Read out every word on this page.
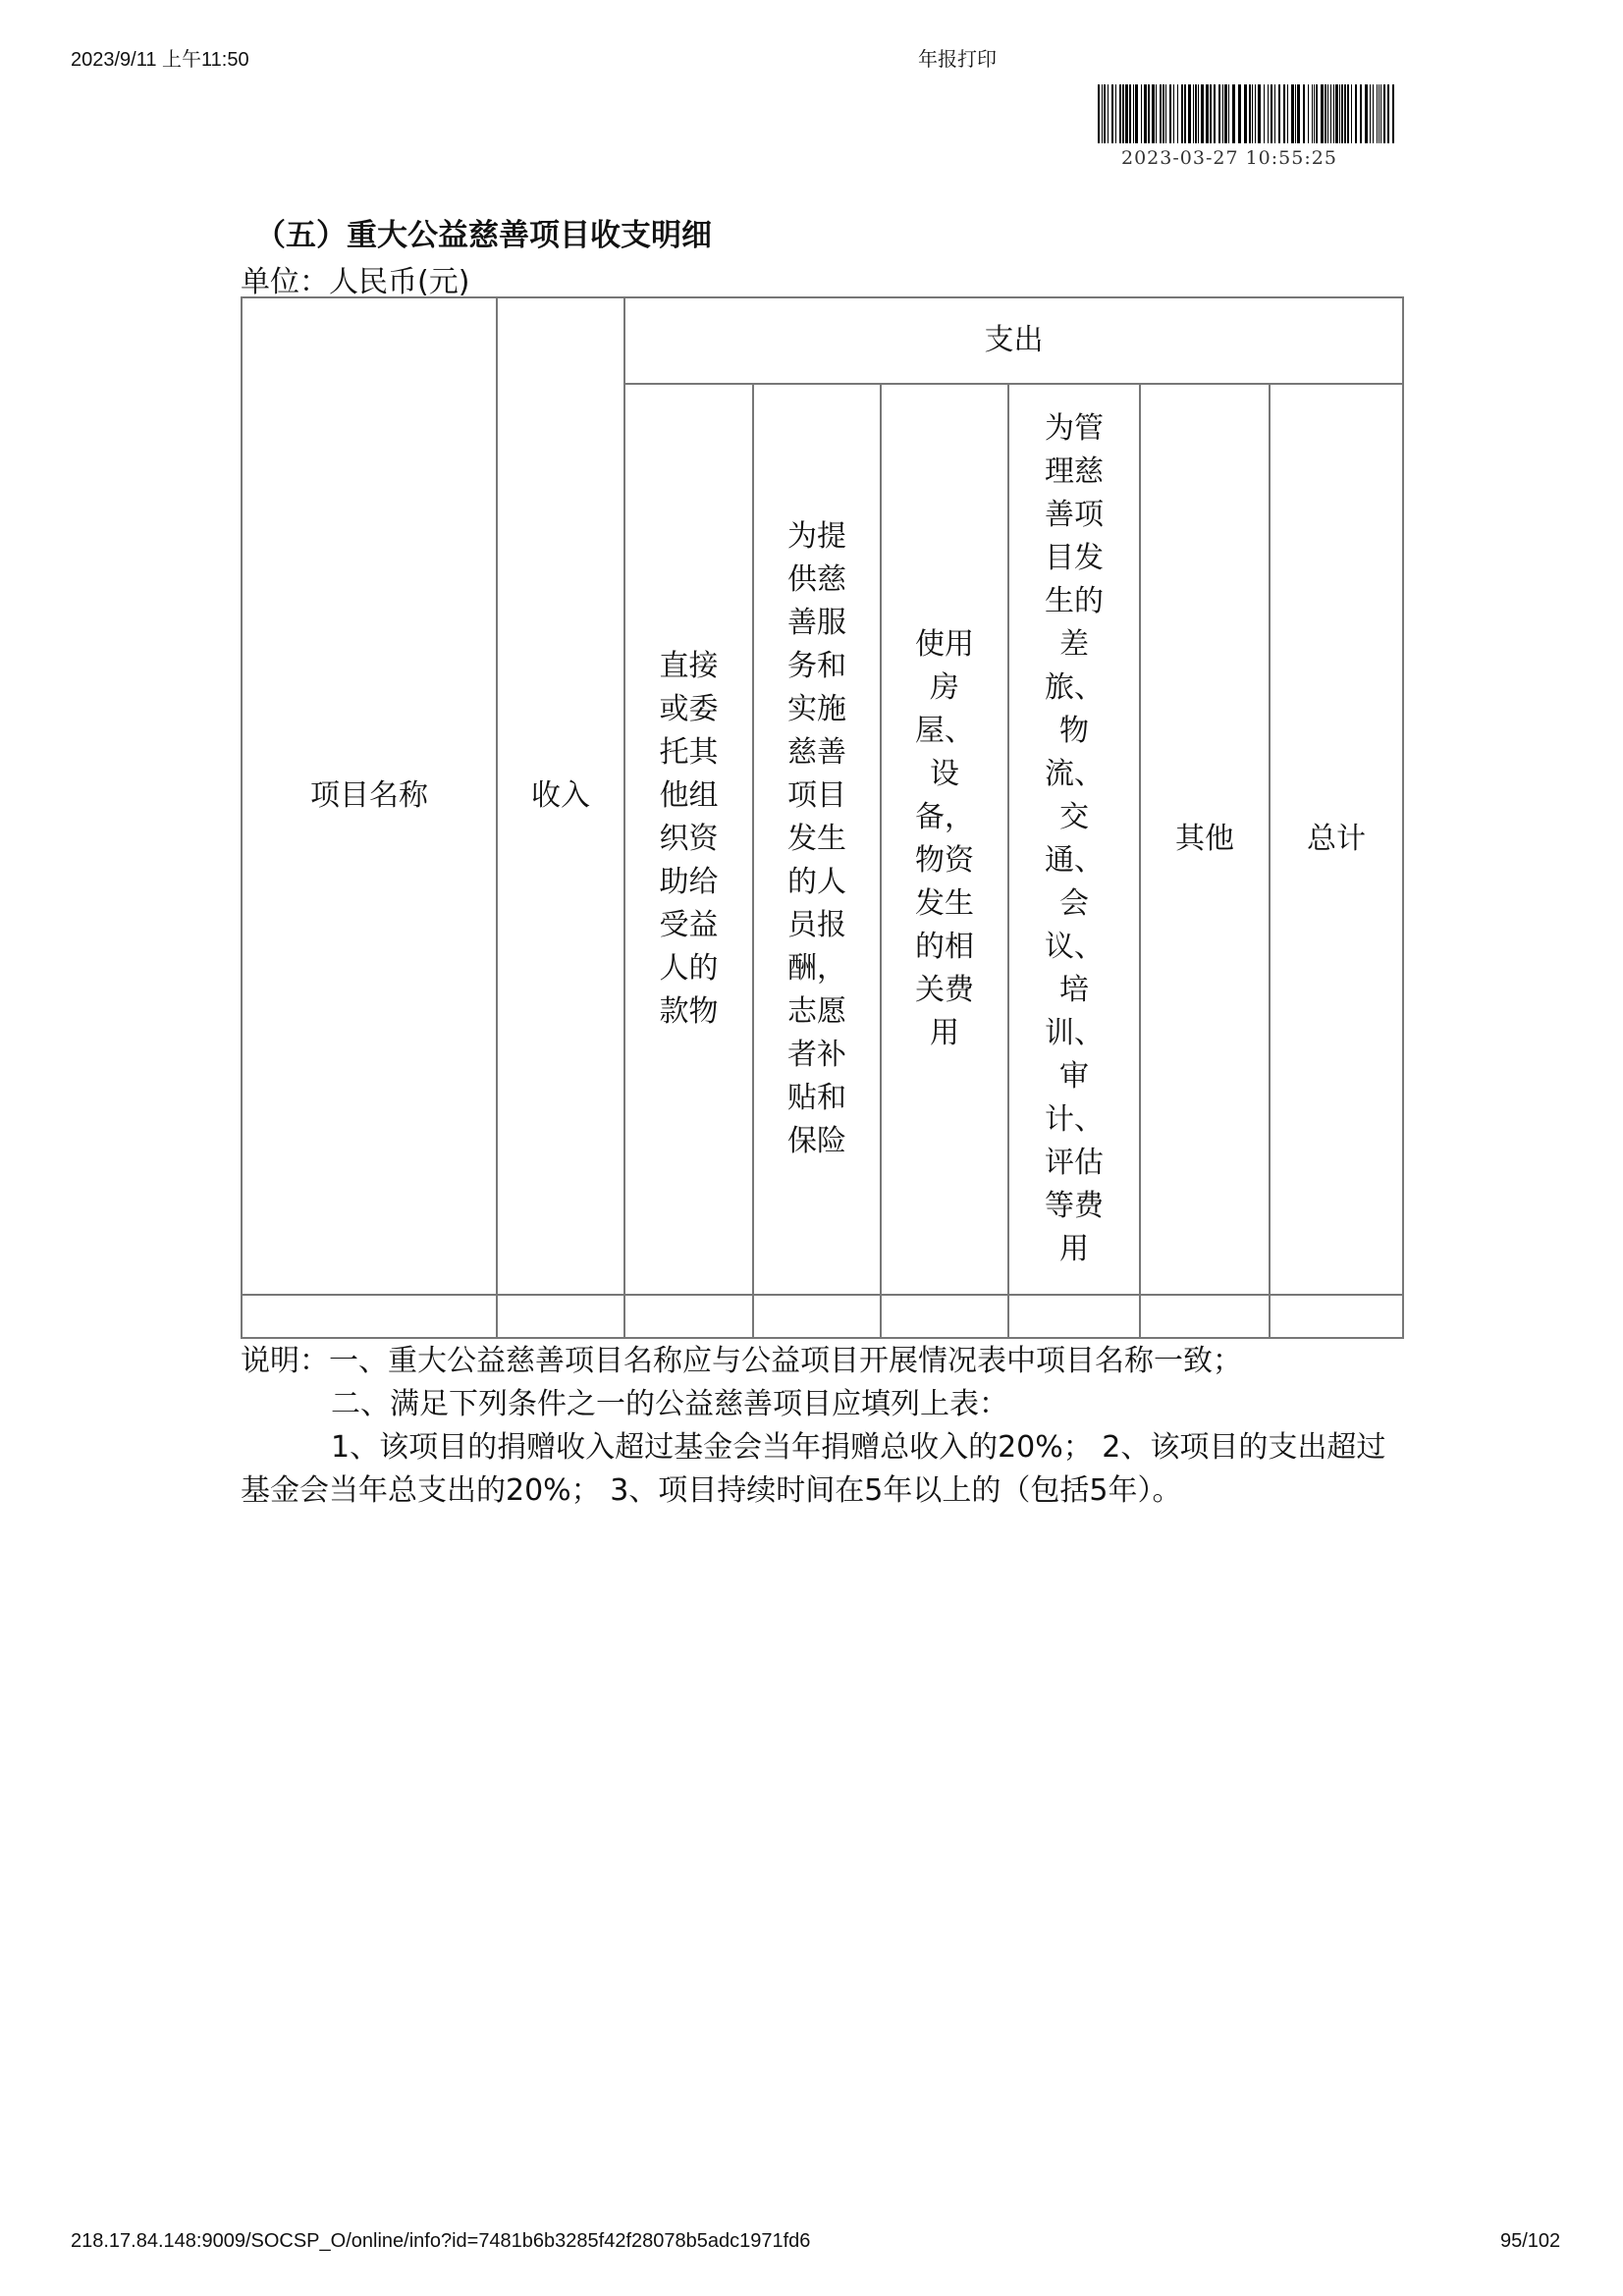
2023/9/11 上午11:50	年报打印
2023-03-27 10:55:25
（五）重大公益慈善项目收支明细
单位：人民币(元)
项目名称	收入	支出					

		直接或委托其他组织资助给受益人的款物	为提供慈善服务和实施慈善项目发生的人员报酬，志愿者补贴和保险	使用房屋、设备，物资发生的相关费用	为管理慈善项目发生的差旅、物流、交通、会议、培训、审计、评估等费用	其他	总计

说明：一、重大公益慈善项目名称应与公益项目开展情况表中项目名称一致；
二、满足下列条件之一的公益慈善项目应填列上表：
1、该项目的捐赠收入超过基金会当年捐赠总收入的20%； 2、该项目的支出超过基金会当年总支出的20%； 3、项目持续时间在5年以上的（包括5年）。
218.17.84.148:9009/SOCSP_O/online/info?id=7481b6b3285f42f28078b5adc1971fd6	95/102
